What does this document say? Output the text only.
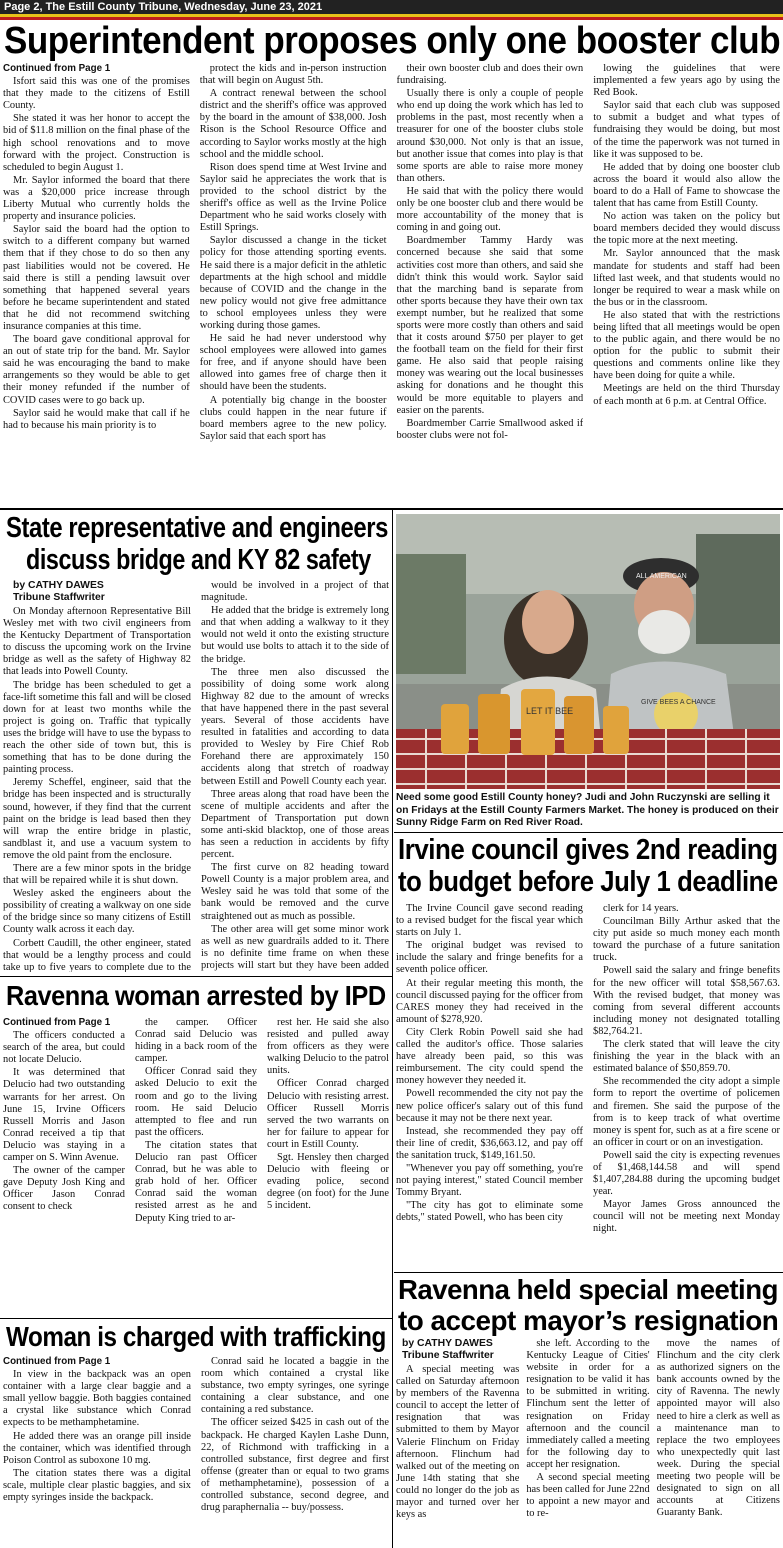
Page 2, The Estill County Tribune, Wednesday, June 23, 2021
Superintendent proposes only one booster club

Continued from Page 1

Isfort said this was one of the promises that they made to the citizens of Estill County.

She stated it was her honor to accept the bid of $11.8 million on the final phase of the high school renovations and to move forward with the project. Construction is scheduled to begin August 1.

Mr. Saylor informed the board that there was a $20,000 price increase through Liberty Mutual who currently holds the property and insurance policies.

Saylor said the board had the option to switch to a different company but warned them that if they chose to do so then any past liabilities would not be covered. He said there is still a pending lawsuit over something that happened several years before he became superintendent and stated that he did not recommend switching insurance companies at this time.

The board gave conditional approval for an out of state trip for the band. Mr. Saylor said he was encouraging the band to make arrangements so they would be able to get their money refunded if the number of COVID cases were to go back up.

Saylor said he would make that call if he had to because his main priority is to

protect the kids and in-person instruction that will begin on August 5th.

A contract renewal between the school district and the sheriff's office was approved by the board in the amount of $38,000. Josh Rison is the School Resource Office and according to Saylor works mostly at the high school and the middle school.

Rison does spend time at West Irvine and Saylor said he appreciates the work that is provided to the school district by the sheriff's office as well as the Irvine Police Department who he said works closely with Estill Springs.

Saylor discussed a change in the ticket policy for those attending sporting events. He said there is a major deficit in the athletic departments at the high school and middle because of COVID and the change in the new policy would not give free admittance to school employees unless they were working during those games.

He said he had never understood why school employees were allowed into games for free, and if anyone should have been allowed into games free of charge then it should have been the students.

A potentially big change in the booster clubs could happen in the near future if board members agree to the new policy. Saylor said that each sport has

their own booster club and does their own fundraising.

Usually there is only a couple of people who end up doing the work which has led to problems in the past, most recently when a treasurer for one of the booster clubs stole around $30,000. Not only is that an issue, but another issue that comes into play is that some sports are able to raise more money than others.

He said that with the policy there would only be one booster club and there would be more accountability of the money that is coming in and going out.

Boardmember Tammy Hardy was concerned because she said that some activities cost more than others, and said she didn't think this would work. Saylor said that the marching band is separate from other sports because they have their own tax exempt number, but he realized that some sports were more costly than others and said that it costs around $750 per player to get the football team on the field for their first game. He also said that people raising money was wearing out the local businesses asking for donations and he thought this would be more equitable to players and easier on the parents.

Boardmember Carrie Smallwood asked if booster clubs were not fol-

lowing the guidelines that were implemented a few years ago by using the Red Book.

Saylor said that each club was supposed to submit a budget and what types of fundraising they would be doing, but most of the time the paperwork was not turned in like it was supposed to be.

He added that by doing one booster club across the board it would also allow the board to do a Hall of Fame to showcase the talent that has came from Estill County.

No action was taken on the policy but board members decided they would discuss the topic more at the next meeting.

Mr. Saylor announced that the mask mandate for students and staff had been lifted last week, and that students would no longer be required to wear a mask while on the bus or in the classroom.

He also stated that with the restrictions being lifted that all meetings would be open to the public again, and there would be no option for the public to submit their questions and comments online like they have been doing for quite a while.

Meetings are held on the third Thursday of each month at 6 p.m. at Central Office.

State representative and engineers
discuss bridge and KY 82 safety
by CATHY DAWES
Tribune Staffwriter

On Monday afternoon Representative Bill Wesley met with two civil engineers from the Kentucky Department of Transportation to discuss the upcoming work on the Irvine bridge as well as the safety of Highway 82 that leads into Powell County.

The bridge has been scheduled to get a face-lift sometime this fall and will be closed down for at least two months while the project is going on. Traffic that typically uses the bridge will have to use the bypass to reach the other side of town but, this is something that has to be done during the painting process.

Jeremy Scheffel, engineer, said that the bridge has been inspected and is structurally sound, however, if they find that the current paint on the bridge is lead based then they will wrap the entire bridge in plastic, sandblast it, and use a vacuum system to remove the old paint from the enclosure.

There are a few minor spots in the bridge that will be repaired while it is shut down.

Wesley asked the engineers about the possibility of creating a walkway on one side of the bridge since so many citizens of Estill County walk across it each day.

Corbett Caudill, the other engineer, stated that would be a lengthy process and could take up to five years to complete due to the

would be involved in a project of that magnitude.

He added that the bridge is extremely long and that when adding a walkway to it they would not weld it onto the existing structure but would use bolts to attach it to the side of the bridge.

The three men also discussed the possibility of doing some work along Highway 82 due to the amount of wrecks that have happened there in the past several years. Several of those accidents have resulted in fatalities and according to data provided to Wesley by Fire Chief Rob Forehand there are approximately 150 accidents along that stretch of roadway between Estill and Powell County each year.

Three areas along that road have been the scene of multiple accidents and after the Department of Transportation put down some anti-skid blacktop, one of those areas has seen a reduction in accidents by fifty percent.

The first curve on 82 heading toward Powell County is a major problem area, and Wesley said he was told that some of the bank would be removed and the curve straightened out as much as possible.

The other area will get some minor work as well as new guardrails added to it. There is no definite time frame on when these projects will start but they have been added

LET IT BEE
GIVE BEES A CHANCE
ALL AMERICAN
Need some good Estill County honey? Judi and John Ruczynski are selling it on Fridays at the Estill County Farmers Market. The honey is produced on their Sunny Ridge Farm on Red River Road.
Irvine council gives 2nd reading
to budget before July 1 deadline

The Irvine Council gave second reading to a revised budget for the fiscal year which starts on July 1.

The original budget was revised to include the salary and fringe benefits for a seventh police officer.

At their regular meeting this month, the council discussed paying for the officer from CARES money they had received in the amount of $278,920.

City Clerk Robin Powell said she had called the auditor's office. Those salaries have already been paid, so this was reimbursement. The city could spend the money however they needed it.

Powell recommended the city not pay the new police officer's salary out of this fund because it may not be there next year.

Instead, she recommended they pay off their line of credit, $36,663.12, and pay off the sanitation truck, $149,161.50.

"Whenever you pay off something, you're not paying interest," stated Council member Tommy Bryant.

"The city has got to eliminate some debts," stated Powell, who has been city

clerk for 14 years.

Councilman Billy Arthur asked that the city put aside so much money each month toward the purchase of a future sanitation truck.

Powell said the salary and fringe benefits for the new officer will total $58,567.63. With the revised budget, that money was coming from several different accounts including money not designated totalling $82,764.21.

The clerk stated that will leave the city finishing the year in the black with an estimated balance of $50,859.70.

She recommended the city adopt a simple form to report the overtime of policemen and firemen. She said the purpose of the from is to keep track of what overtime money is spent for, such as at a fire scene or an officer in court or on an investigation.

Powell said the city is expecting revenues of $1,468,144.58 and will spend $1,407,284.88 during the upcoming budget year.

Mayor James Gross announced the council will not be meeting next Monday night.

Ravenna woman arrested by IPD

Continued from Page 1

The officers conducted a search of the area, but could not locate Delucio.

It was determined that Delucio had two outstanding warrants for her arrest. On June 15, Irvine Officers Russell Morris and Jason Conrad received a tip that Delucio was staying in a camper on S. Winn Avenue.

The owner of the camper gave Deputy Josh King and Officer Jason Conrad consent to check

the camper. Officer Conrad said Delucio was hiding in a back room of the camper.

Officer Conrad said they asked Delucio to exit the room and go to the living room. He said Delucio attempted to flee and run past the officers.

The citation states that Delucio ran past Officer Conrad, but he was able to grab hold of her. Officer Conrad said the woman resisted arrest as he and Deputy King tried to ar-

rest her. He said she also resisted and pulled away from officers as they were walking Delucio to the patrol units.

Officer Conrad charged Delucio with resisting arrest. Officer Russell Morris served the two warrants on her for failure to appear for court in Estill County.

Sgt. Hensley then charged Delucio with fleeing or evading police, second degree (on foot) for the June 5 incident.

Woman is charged with trafficking

Continued from Page 1

In view in the backpack was an open container with a large clear baggie and a small yellow baggie. Both baggies contained a crystal like substance which Conrad expects to be methamphetamine.

He added there was an orange pill inside the container, which was identified through Poison Control as suboxone 10 mg.

The citation states there was a digital scale, multiple clear plastic baggies, and six empty syringes inside the backpack.

Conrad said he located a baggie in the room which contained a crystal like substance, two empty syringes, one syringe containing a clear substance, and one containing a red substance.

The officer seized $425 in cash out of the backpack. He charged Kaylen Lashe Dunn, 22, of Richmond with trafficking in a controlled substance, first degree and first offense (greater than or equal to two grams of methamphetamine), possession of a controlled substance, second degree, and drug paraphernalia -- buy/possess.

Ravenna held special meeting
to accept mayor’s resignation
by CATHY DAWES
Tribune Staffwriter

A special meeting was called on Saturday afternoon by members of the Ravenna council to accept the letter of resignation that was submitted to them by Mayor Valerie Flinchum on Friday afternoon. Flinchum had walked out of the meeting on June 14th stating that she could no longer do the job as mayor and turned over her keys as

she left. According to the Kentucky League of Cities' website in order for a resignation to be valid it has to be submitted in writing. Flinchum sent the letter of resignation on Friday afternoon and the council immediately called a meeting for the following day to accept her resignation.

A second special meeting has been called for June 22nd to appoint a new mayor and to re-

move the names of Flinchum and the city clerk as authorized signers on the bank accounts owned by the city of Ravenna. The newly appointed mayor will also need to hire a clerk as well as a maintenance man to replace the two employees who unexpectedly quit last week. During the special meeting two people will be designated to sign on all accounts at Citizens Guaranty Bank.
